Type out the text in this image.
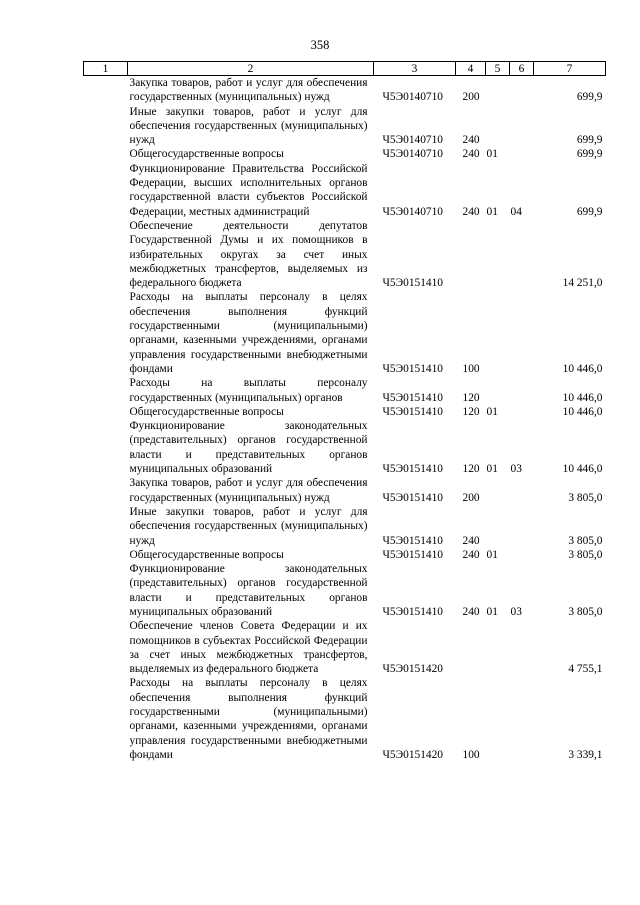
358
1	2	3	4	5	6	7
	Закупка товаров, работ и услуг для обеспечения государственных (муниципальных) нужд	Ч5Э0140710	200			699,9
	Иные закупки товаров, работ и услуг для обеспечения государственных (муниципальных) нужд	Ч5Э0140710	240			699,9
	Общегосударственные вопросы	Ч5Э0140710	240	01		699,9
	Функционирование Правительства Российской Федерации, высших исполнительных органов государственной власти субъектов Российской Федерации, местных администраций	Ч5Э0140710	240	01	04	699,9
	Обеспечение деятельности депутатов Государственной Думы и их помощников в избирательных округах за счет иных межбюджетных трансфертов, выделяемых из федерального бюджета	Ч5Э0151410				14 251,0
	Расходы на выплаты персоналу в целях обеспечения выполнения функций государственными (муниципальными) органами, казенными учреждениями, органами управления государственными внебюджетными фондами	Ч5Э0151410	100			10 446,0
	Расходы на выплаты персоналу государственных (муниципальных) органов	Ч5Э0151410	120			10 446,0
	Общегосударственные вопросы	Ч5Э0151410	120	01		10 446,0
	Функционирование законодательных (представительных) органов государственной власти и представительных органов муниципальных образований	Ч5Э0151410	120	01	03	10 446,0
	Закупка товаров, работ и услуг для обеспечения государственных (муниципальных) нужд	Ч5Э0151410	200			3 805,0
	Иные закупки товаров, работ и услуг для обеспечения государственных (муниципальных) нужд	Ч5Э0151410	240			3 805,0
	Общегосударственные вопросы	Ч5Э0151410	240	01		3 805,0
	Функционирование законодательных (представительных) органов государственной власти и представительных органов муниципальных образований	Ч5Э0151410	240	01	03	3 805,0
	Обеспечение членов Совета Федерации и их помощников в субъектах Российской Федерации за счет иных межбюджетных трансфертов, выделяемых из федерального бюджета	Ч5Э0151420				4 755,1
	Расходы на выплаты персоналу в целях обеспечения выполнения функций государственными (муниципальными) органами, казенными учреждениями, органами управления государственными внебюджетными фондами	Ч5Э0151420	100			3 339,1
